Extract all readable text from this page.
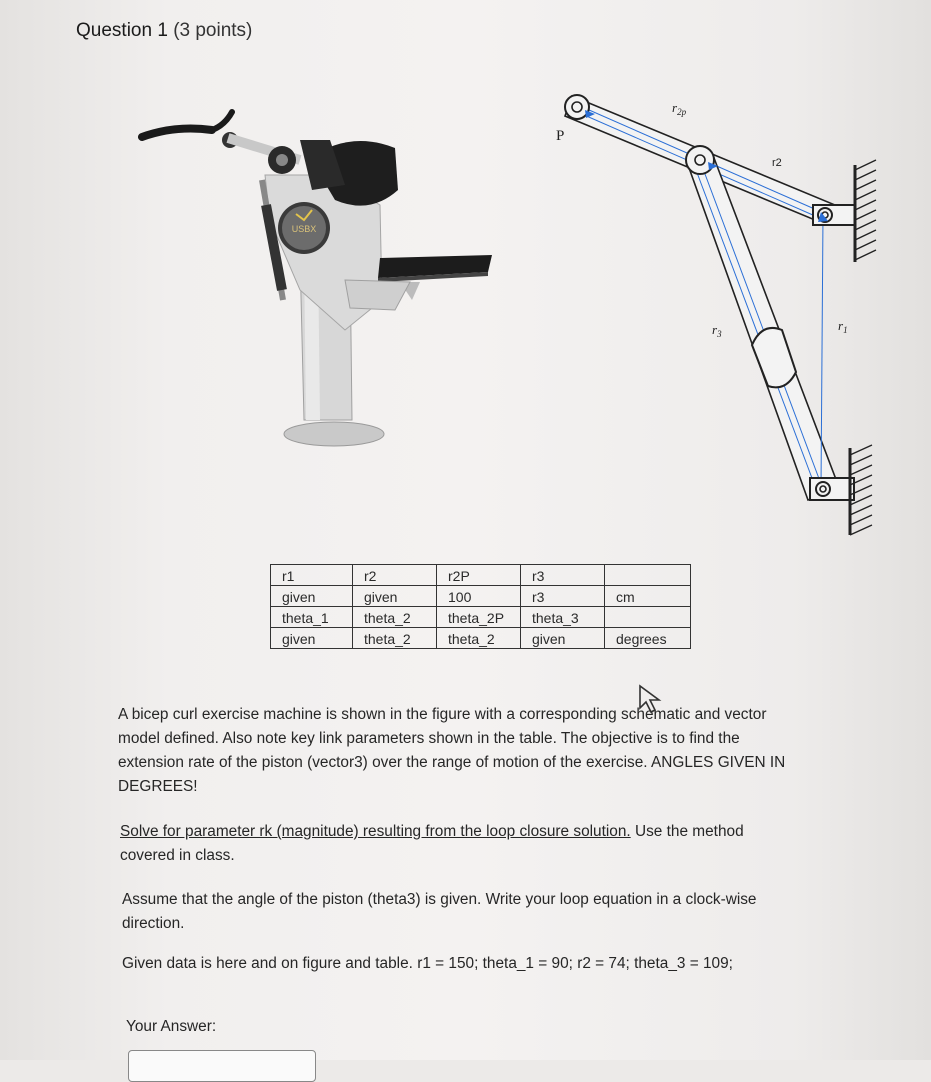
Question 1 (3 points)
USBX
P
$r_{2p}$
r2
$r_3$
$r_1$
r1	r2	r2P	r3	
given	given	100	r3	cm
theta_1	theta_2	theta_2P	theta_3	
given	theta_2	theta_2	given	degrees
A bicep curl exercise machine is shown in the figure with a corresponding schematic and vector model defined. Also note key link parameters shown in the table. The objective is to find the extension rate of the piston (vector3) over the range of motion of the exercise. ANGLES GIVEN IN DEGREES!
Solve for parameter rk (magnitude) resulting from the loop closure solution. Use the method covered in class.
Assume that the angle of the piston (theta3) is given. Write your loop equation in a clock-wise direction.
Given data is here and on figure and table. r1 = 150; theta_1 = 90; r2 = 74; theta_3 = 109;
Your Answer:
